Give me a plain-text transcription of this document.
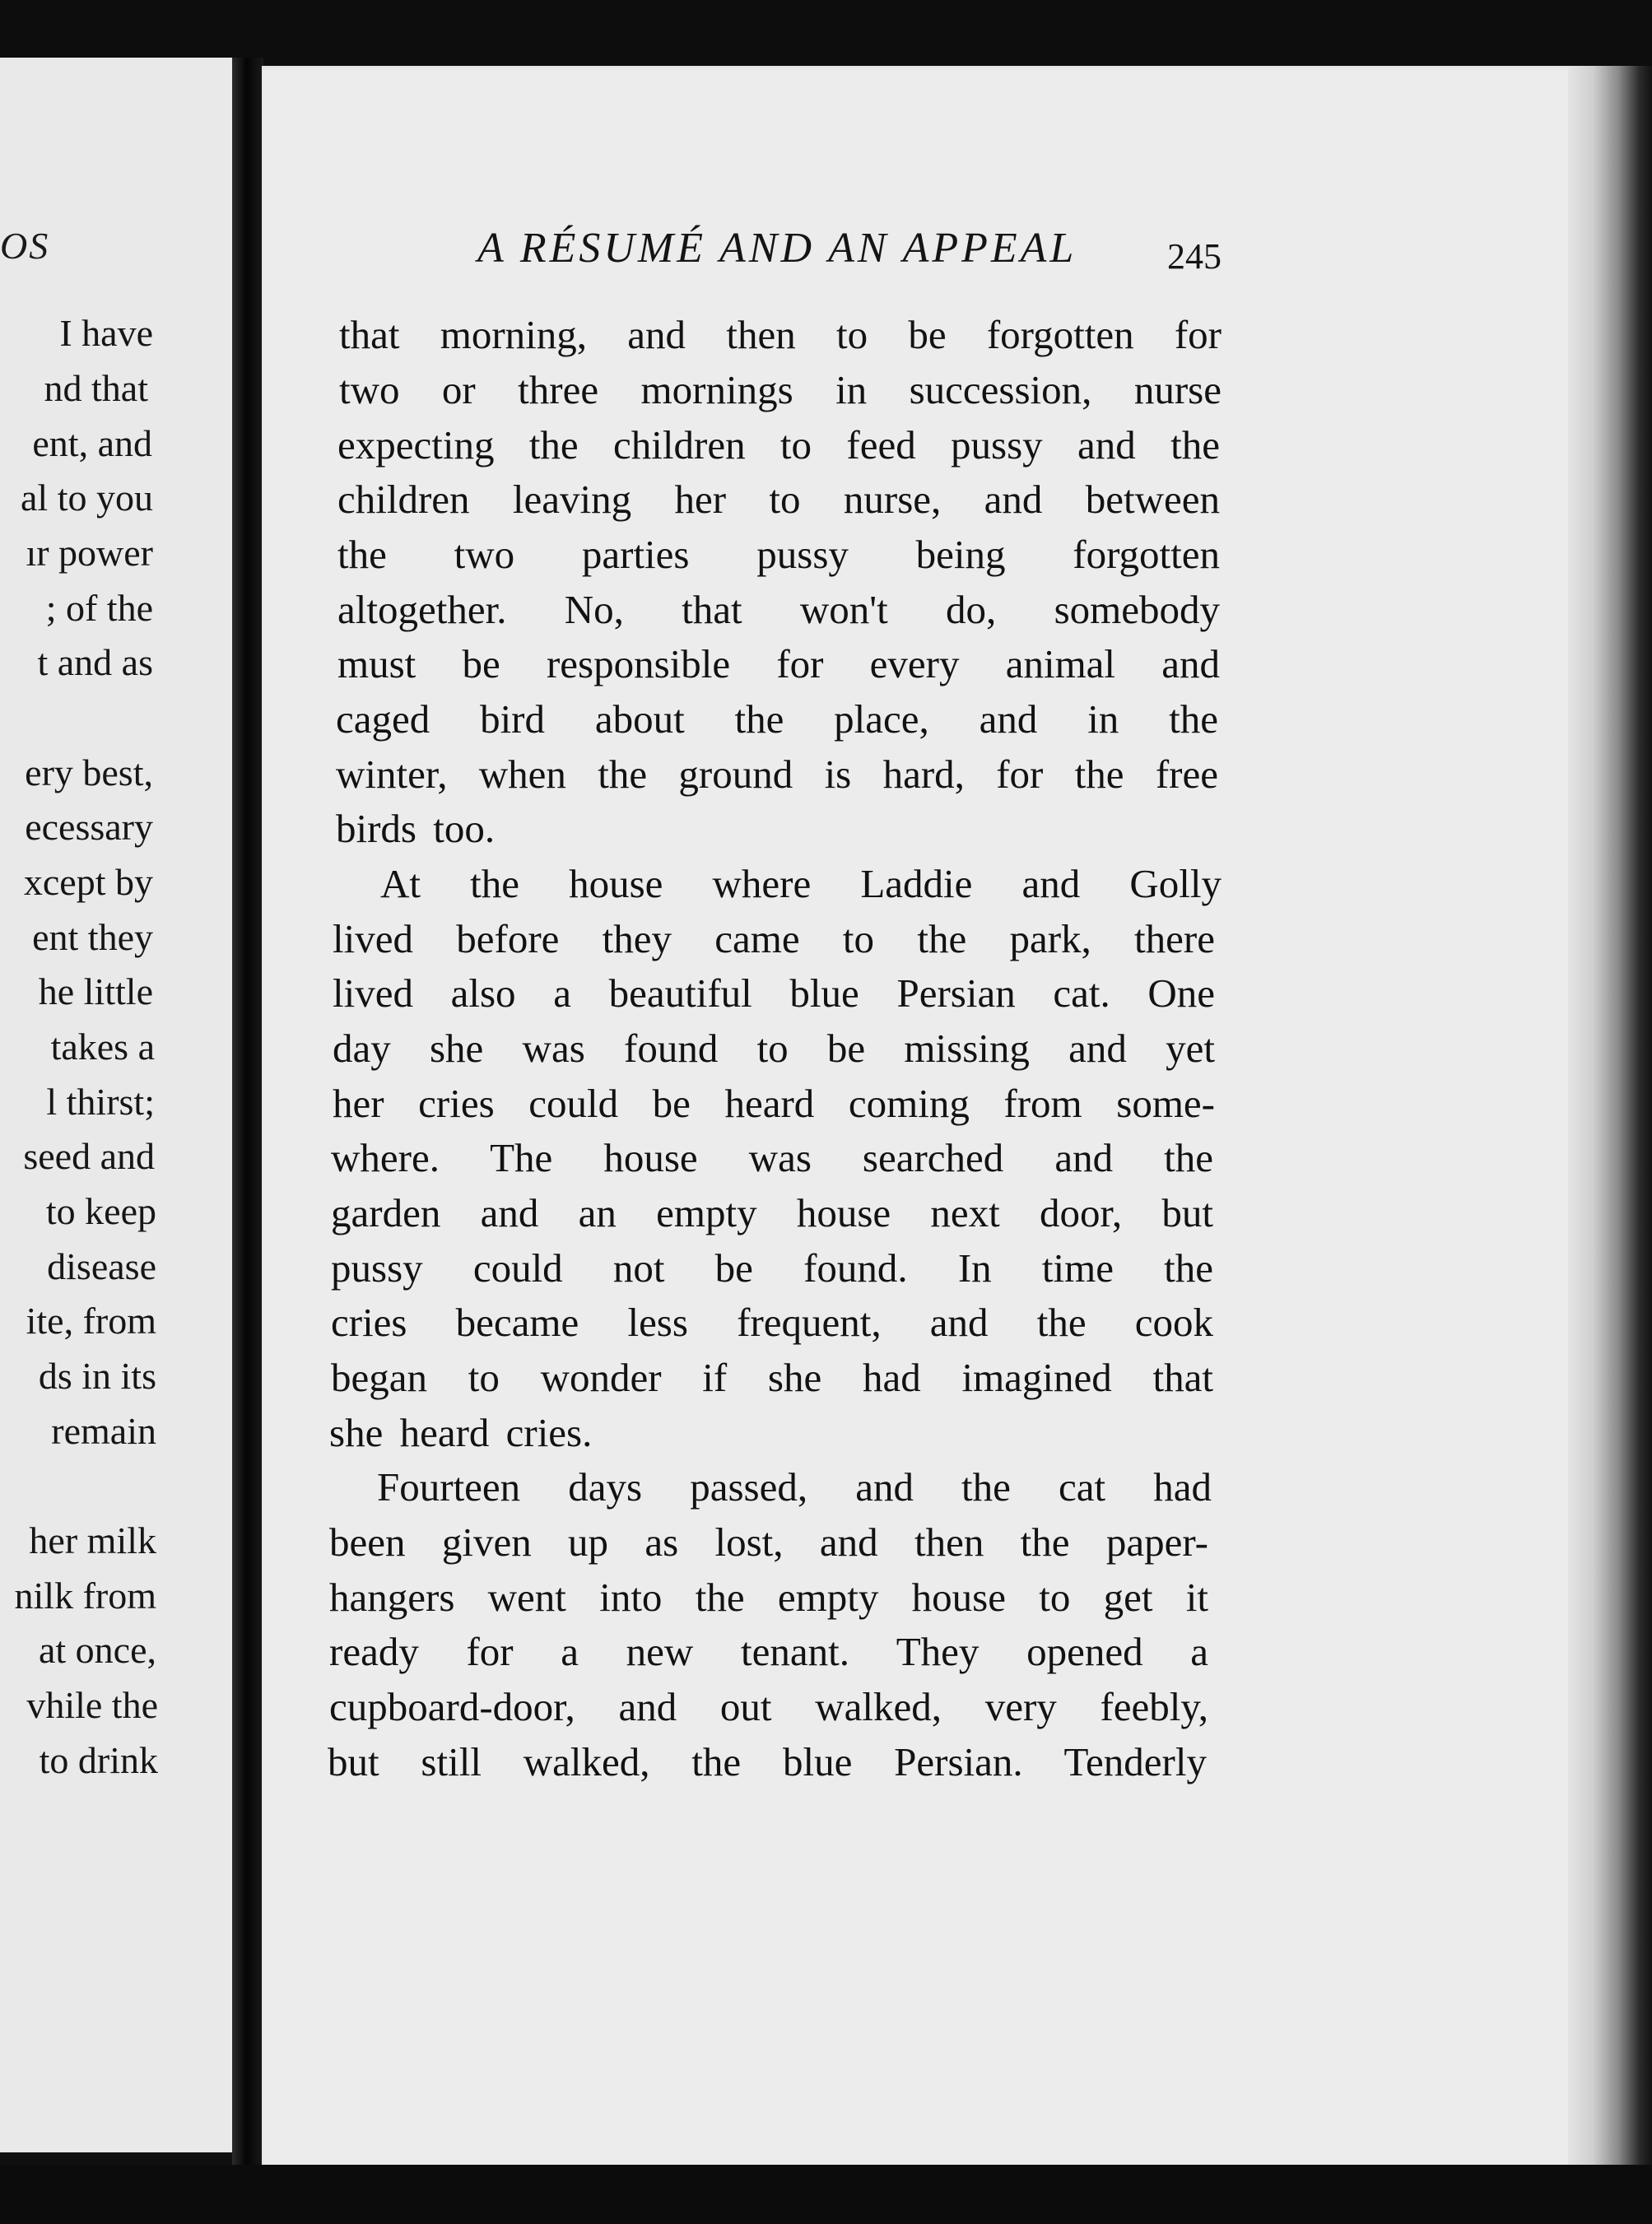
OS
I have
nd that
ent, and
al to you
ır power
; of the
t and as
ery best,
ecessary
xcept by
ent they
he little
takes a
l thirst;
seed and
to keep
disease
ite, from
ds in its
remain
her milk
nilk from
at once,
vhile the
to drink
A RÉSUMÉ AND AN APPEAL	245
that morning, and then to be forgotten for
two or three mornings in succession, nurse
expecting the children to feed pussy and the
children leaving her to nurse, and between
the two parties pussy being forgotten
altogether. No, that won't do, somebody
must be responsible for every animal and
caged bird about the place, and in the
winter, when the ground is hard, for the free
birds too.
At the house where Laddie and Golly
lived before they came to the park, there
lived also a beautiful blue Persian cat. One
day she was found to be missing and yet
her cries could be heard coming from some-
where. The house was searched and the
garden and an empty house next door, but
pussy could not be found. In time the
cries became less frequent, and the cook
began to wonder if she had imagined that
she heard cries.
Fourteen days passed, and the cat had
been given up as lost, and then the paper-
hangers went into the empty house to get it
ready for a new tenant. They opened a
cupboard-door, and out walked, very feebly,
but still walked, the blue Persian. Tenderly
